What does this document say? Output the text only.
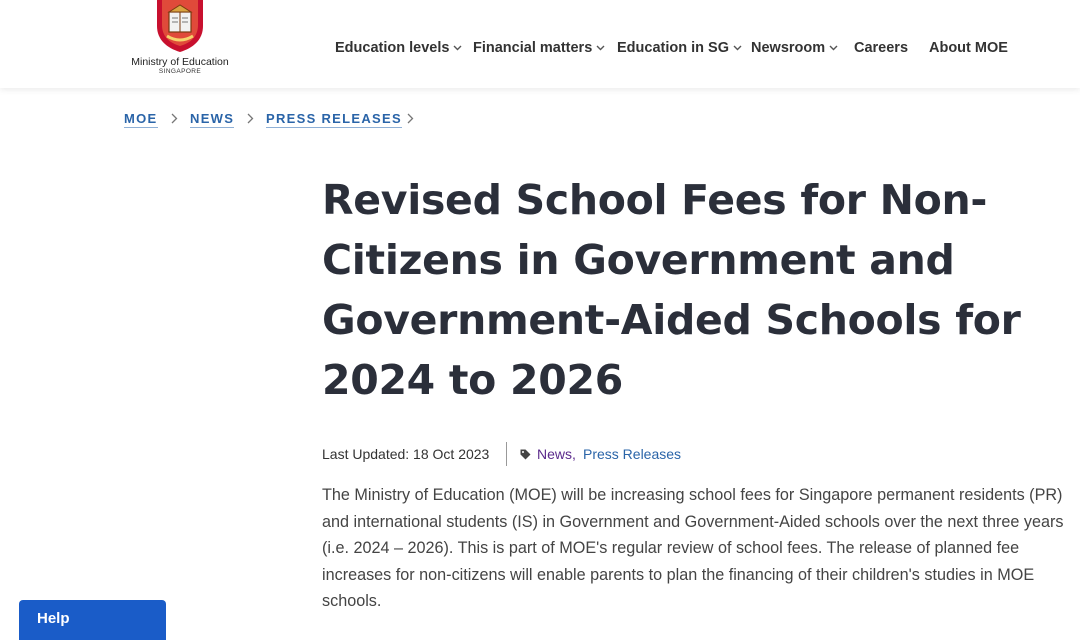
Ministry of Education
SINGAPORE
Education levels	Financial matters	Education in SG	Newsroom	Careers About MOE
MOE NEWS PRESS RELEASES
Revised School Fees for Non-Citizens in Government and Government-Aided Schools for 2024 to 2026
Last Updated: 18 Oct 2023	News, Press Releases

The Ministry of Education (MOE) will be increasing school fees for Singapore permanent residents (PR) and international students (IS) in Government and Government-Aided schools over the next three years (i.e. 2024 – 2026). This is part of MOE's regular review of school fees. The release of planned fee increases for non-citizens will enable parents to plan the financing of their children's studies in MOE schools.

Help
